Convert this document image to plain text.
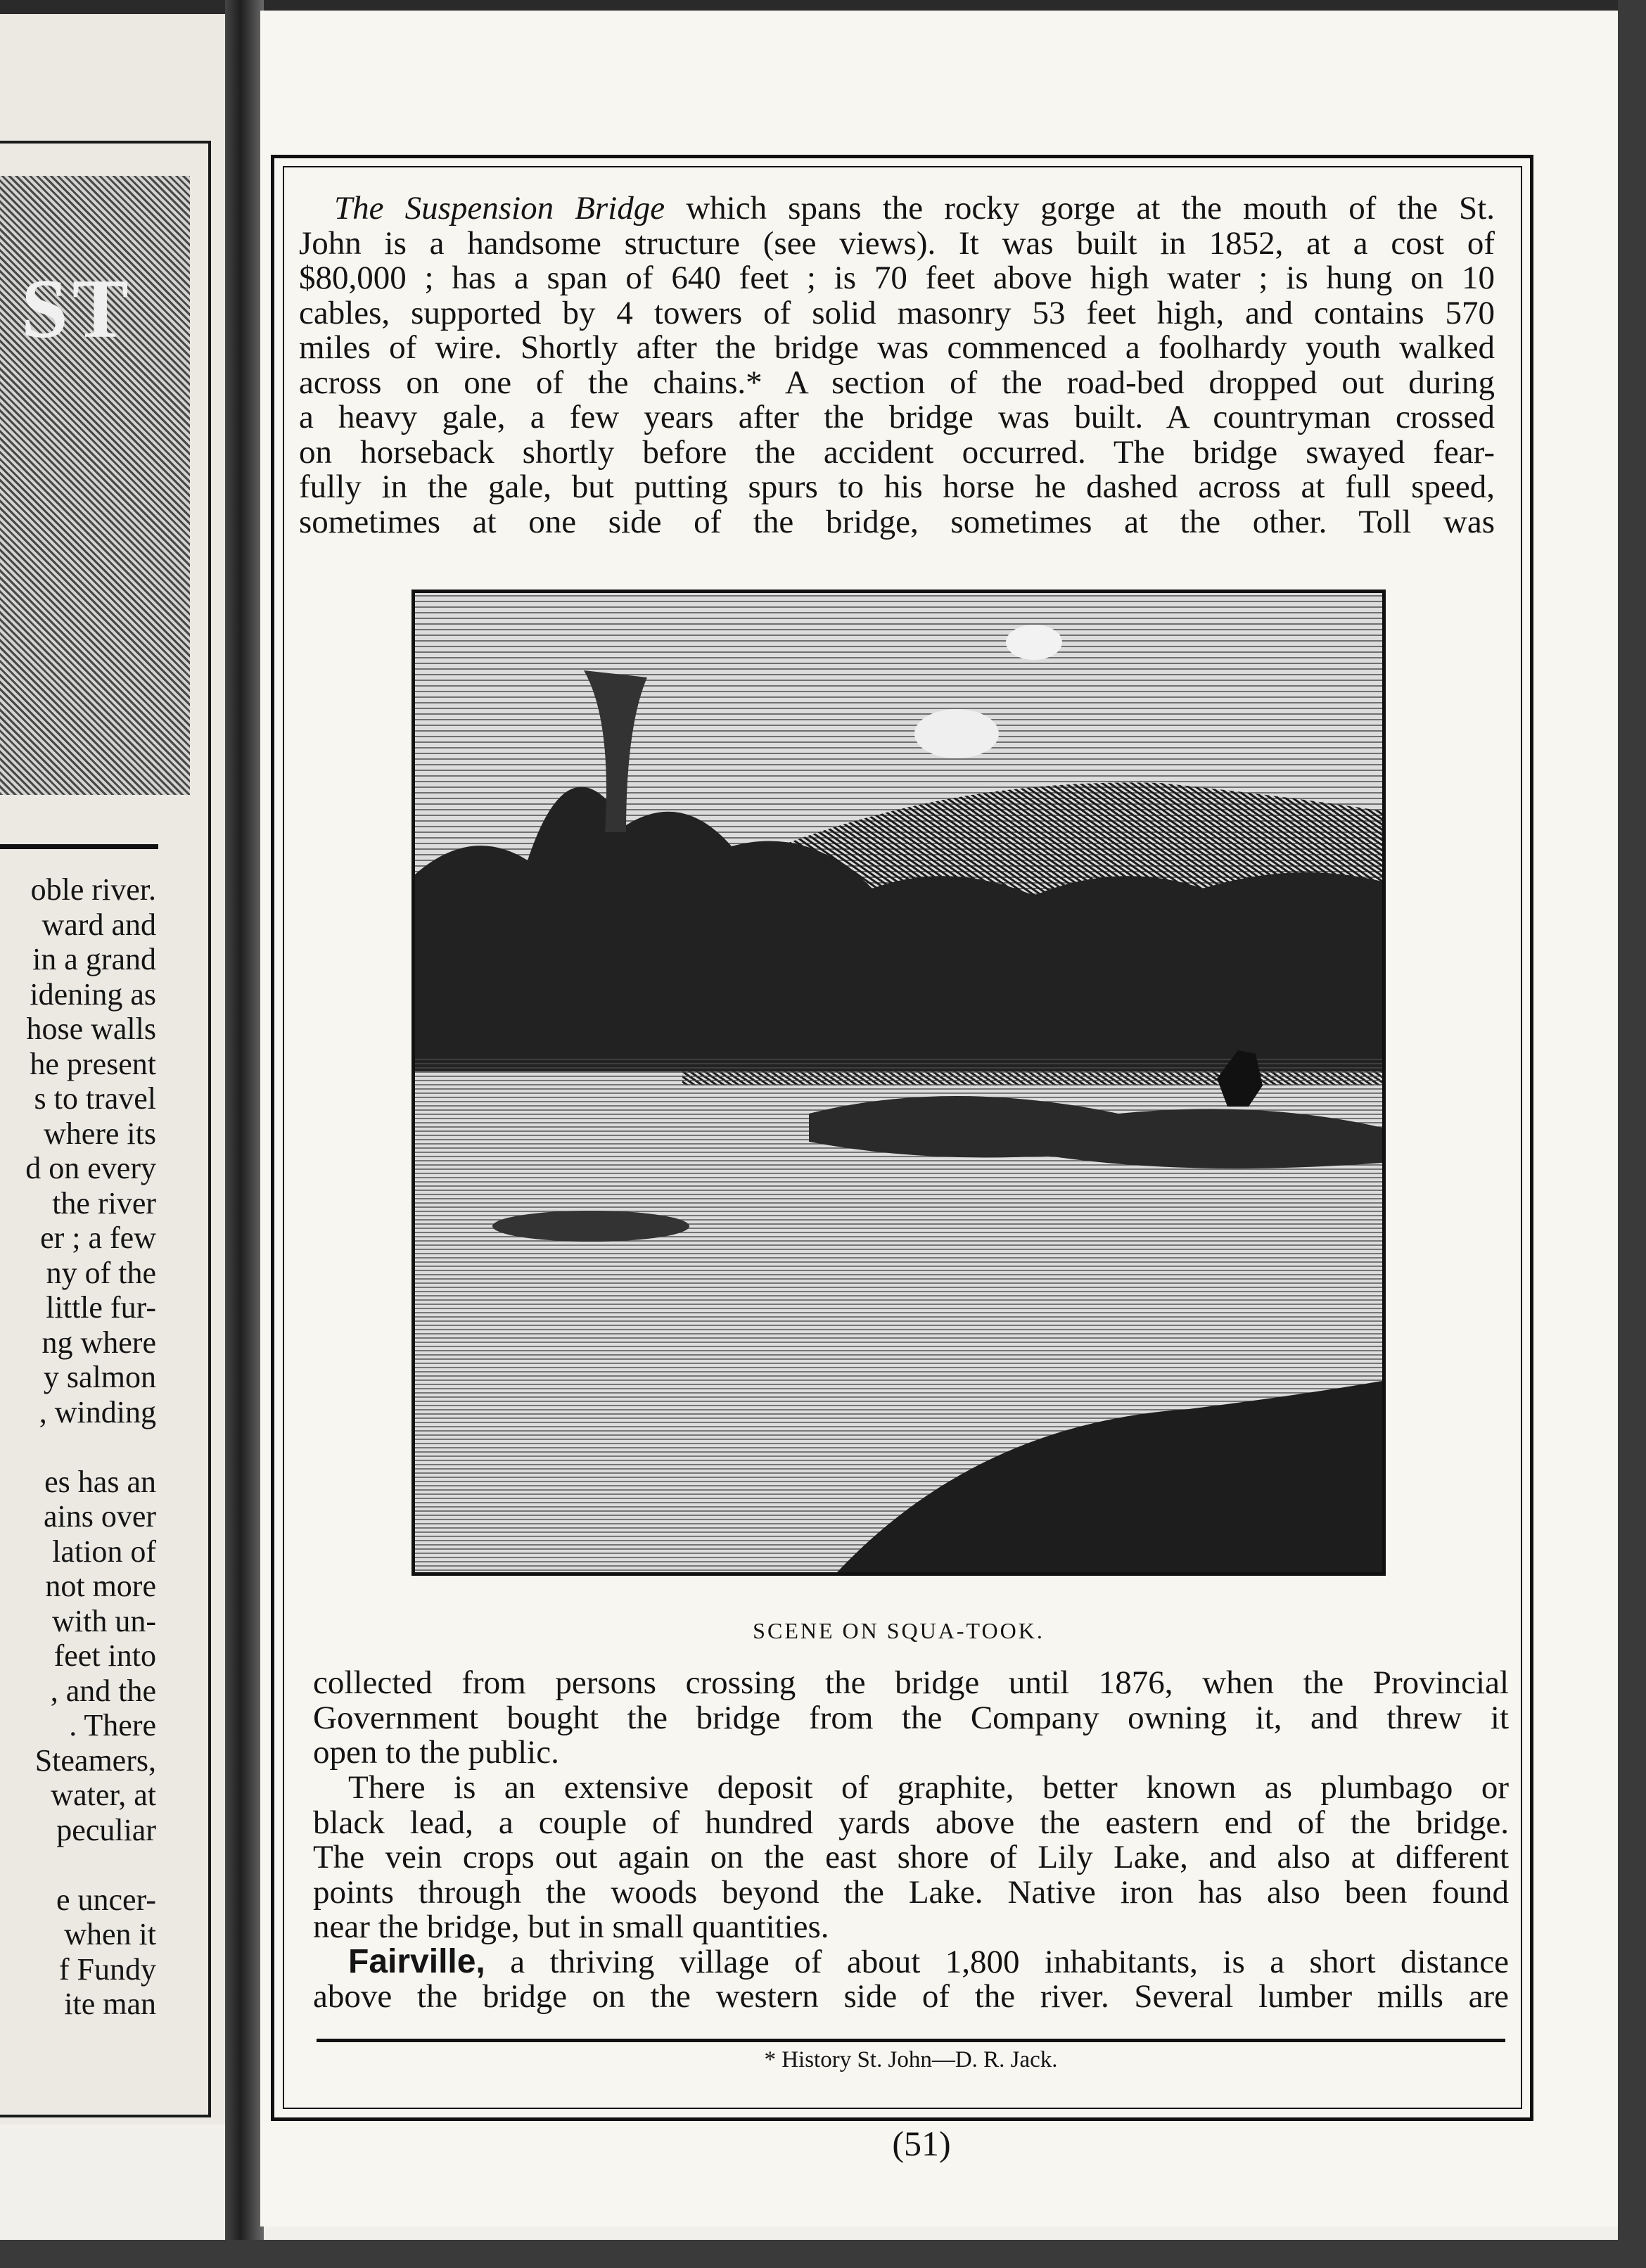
ST
oble river.
ward and
in a grand
idening as
hose walls
he present
s to travel
where its
d on every
the river
er ; a few
ny of the
little fur-
ng where
y salmon
, winding
es has an
ains over
lation of
not more
with un-
feet into
, and the
. There
Steamers,
water, at
peculiar
e uncer-
when it
f Fundy
ite man
The Suspension Bridge which spans the rocky gorge at the mouth of the St.
John is a handsome structure (see views). It was built in 1852, at a cost of
$80,000 ; has a span of 640 feet ; is 70 feet above high water ; is hung on 10
cables, supported by 4 towers of solid masonry 53 feet high, and contains 570
miles of wire. Shortly after the bridge was commenced a foolhardy youth walked
across on one of the chains.* A section of the road-bed dropped out during
a heavy gale, a few years after the bridge was built. A countryman crossed
on horseback shortly before the accident occurred. The bridge swayed fear-
fully in the gale, but putting spurs to his horse he dashed across at full speed,
sometimes at one side of the bridge, sometimes at the other. Toll was
SCENE ON SQUA-TOOK.
collected from persons crossing the bridge until 1876, when the Provincial
Government bought the bridge from the Company owning it, and threw it
open to the public.
There is an extensive deposit of graphite, better known as plumbago or
black lead, a couple of hundred yards above the eastern end of the bridge.
The vein crops out again on the east shore of Lily Lake, and also at different
points through the woods beyond the Lake. Native iron has also been found
near the bridge, but in small quantities.
Fairville, a thriving village of about 1,800 inhabitants, is a short distance
above the bridge on the western side of the river. Several lumber mills are
* History St. John—D. R. Jack.
(51)
